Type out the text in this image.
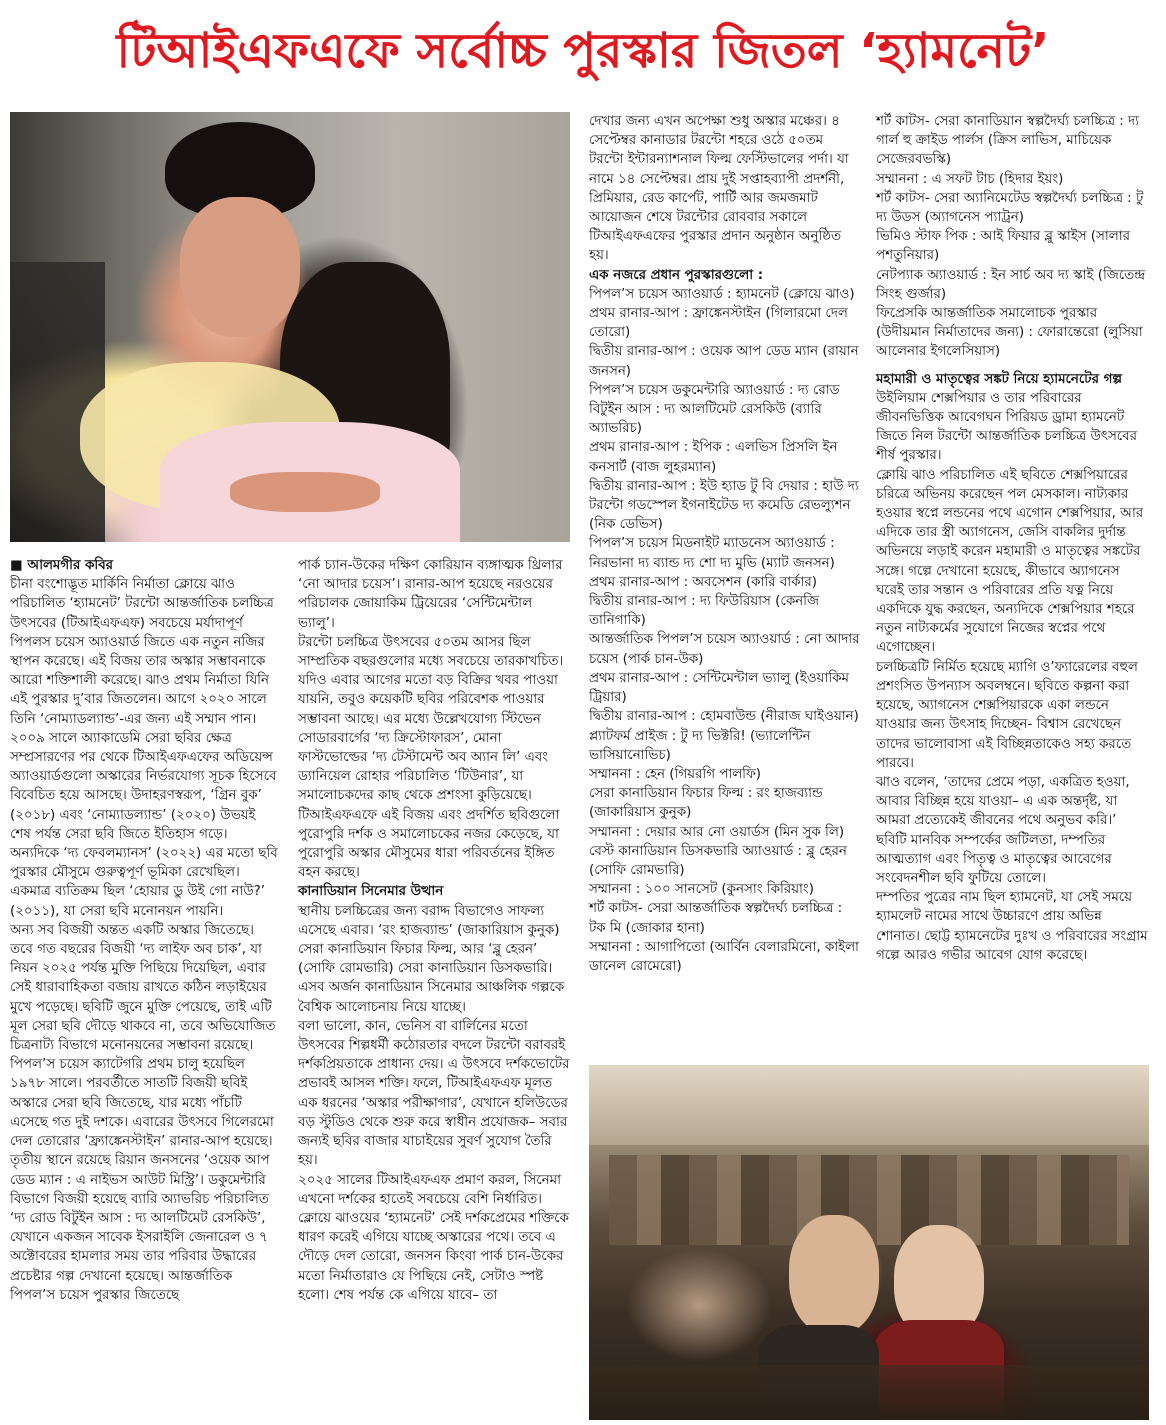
টিআইএফএফে সর্বোচ্চ পুরস্কার জিতল ‘হ্যামনেট’

■ আলমগীর কবির

চীনা বংশোদ্ভূত মার্কিনি নির্মাতা ক্লোয়ে ঝাও পরিচালিত ‘হ্যামনেট’ টরন্টো আন্তর্জাতিক চলচ্চিত্র উৎসবের (টিআইএফএফ) সবচেয়ে মর্যাদাপূর্ণ পিপলস চয়েস অ্যাওয়ার্ড জিতে এক নতুন নজির স্থাপন করেছে। এই বিজয় তার অস্কার সম্ভাবনাকে আরো শক্তিশালী করেছে। ঝাও প্রথম নির্মাতা যিনি এই পুরস্কার দু’বার জিতলেন। আগে ২০২০ সালে তিনি ‘নোম্যাডল্যান্ড’-এর জন্য এই সম্মান পান।

২০০৯ সালে অ্যাকাডেমি সেরা ছবির ক্ষেত্র সম্প্রসারণের পর থেকে টিআইএফএফের অডিয়েন্স অ্যাওয়ার্ডগুলো অস্কারের নির্ভরযোগ্য সূচক হিসেবে বিবেচিত হয়ে আসছে। উদাহরণস্বরূপ, ‘গ্রিন বুক’ (২০১৮) এবং ‘নোম্যাডল্যান্ড’ (২০২০) উভয়ই শেষ পর্যন্ত সেরা ছবি জিতে ইতিহাস গড়ে।

অন্যদিকে ‘দ্য ফেবলম্যানস’ (২০২২) এর মতো ছবি পুরস্কার মৌসুমে গুরুত্বপূর্ণ ভূমিকা রেখেছিল। একমাত্র ব্যতিক্রম ছিল ‘হোয়ার ডু উই গো নাউ?’ (২০১১), যা সেরা ছবি মনোনয়ন পায়নি।

অন্য সব বিজয়ী অন্তত একটি অস্কার জিতেছে। তবে গত বছরের বিজয়ী ‘দ্য লাইফ অব চাক’, যা নিয়ন ২০২৫ পর্যন্ত মুক্তি পিছিয়ে দিয়েছিল, এবার সেই ধারাবাহিকতা বজায় রাখতে কঠিন লড়াইয়ের মুখে পড়েছে। ছবিটি জুনে মুক্তি পেয়েছে, তাই এটি মূল সেরা ছবি দৌড়ে থাকবে না, তবে অভিযোজিত চিত্রনাট্য বিভাগে মনোনয়নের সম্ভাবনা রয়েছে।

পিপল’স চয়েস ক্যাটেগরি প্রথম চালু হয়েছিল ১৯৭৮ সালে। পরবর্তীতে সাতটি বিজয়ী ছবিই অস্কারে সেরা ছবি জিতেছে, যার মধ্যে পাঁচটি এসেছে গত দুই দশকে। এবারের উৎসবে গিলেরমো দেল তোরোর ‘ফ্র্যাঙ্কেনস্টাইন’ রানার-আপ হয়েছে। তৃতীয় স্থানে রয়েছে রিয়ান জনসনের ‘ওয়েক আপ ডেড ম্যান : এ নাইভস আউট মিস্ট্রি’। ডকুমেন্টারি বিভাগে বিজয়ী হয়েছে ব্যারি অ্যাভরিচ পরিচালিত ‘দ্য রোড বিটুইন আস : দ্য আলটিমেট রেসকিউ’, যেখানে একজন সাবেক ইসরাইলি জেনারেল ও ৭ অক্টোবরের হামলার সময় তার পরিবার উদ্ধারের প্রচেষ্টার গল্প দেখানো হয়েছে। আন্তর্জাতিক পিপল’স চয়েস পুরস্কার জিতেছে

পার্ক চ্যান-উকের দক্ষিণ কোরিয়ান ব্যঙ্গাত্মক থ্রিলার ‘নো আদার চয়েস’। রানার-আপ হয়েছে নরওয়ের পরিচালক জোয়াকিম ট্রিয়েরের ‘সেন্টিমেন্টাল ভ্যালু’।

টরন্টো চলচ্চিত্র উৎসবের ৫০তম আসর ছিল সাম্প্রতিক বছরগুলোর মধ্যে সবচেয়ে তারকাখচিত। যদিও এবার আগের মতো বড় বিক্রির খবর পাওয়া যায়নি, তবুও কয়েকটি ছবির পরিবেশক পাওয়ার সম্ভাবনা আছে। এর মধ্যে উল্লেখযোগ্য স্টিভেন সোডারবার্গের ‘দ্য ক্রিস্টোফারস’, মোনা ফাস্টভোল্ডের ‘দ্য টেস্টামেন্ট অব অ্যান লি’ এবং ড্যানিয়েল রোহার পরিচালিত ‘টিউনার’, যা সমালোচকদের কাছ থেকে প্রশংসা কুড়িয়েছে। টিআইএফএফে এই বিজয় এবং প্রদর্শিত ছবিগুলো পুরোপুরি দর্শক ও সমালোচকের নজর কেড়েছে, যা পুরোপুরি অস্কার মৌসুমের ধারা পরিবর্তনের ইঙ্গিত বহন করছে।

কানাডিয়ান সিনেমার উত্থান

স্থানীয় চলচ্চিত্রের জন্য বরাদ্দ বিভাগেও সাফল্য এসেছে এবার। ‘রং হাজব্যান্ড’ (জাকারিয়াস কুনুক) সেরা কানাডিয়ান ফিচার ফিল্ম, আর ‘ব্লু হেরন’ (সোফি রোমভারি) সেরা কানাডিয়ান ডিসকভারি। এসব অর্জন কানাডিয়ান সিনেমার আঞ্চলিক গল্পকে বৈশ্বিক আলোচনায় নিয়ে যাচ্ছে।

বলা ভালো, কান, ভেনিস বা বার্লিনের মতো উৎসবের শিল্পধর্মী কঠোরতার বদলে টরন্টো বরাবরই দর্শকপ্রিয়তাকে প্রাধান্য দেয়। এ উৎসবে দর্শকভোটের প্রভাবই আসল শক্তি। ফলে, টিআইএফএফ মূলত এক ধরনের ‘অস্কার পরীক্ষাগার’, যেখানে হলিউডের বড় স্টুডিও থেকে শুরু করে স্বাধীন প্রযোজক– সবার জন্যই ছবির বাজার যাচাইয়ের সুবর্ণ সুযোগ তৈরি হয়।

২০২৫ সালের টিআইএফএফ প্রমাণ করল, সিনেমা এখনো দর্শকের হাতেই সবচেয়ে বেশি নির্ধারিত। ক্লোয়ে ঝাওয়ের ‘হ্যামনেট’ সেই দর্শকপ্রেমের শক্তিকে ধারণ করেই এগিয়ে যাচ্ছে অস্কারের পথে। তবে এ দৌড়ে দেল তোরো, জনসন কিংবা পার্ক চান-উকের মতো নির্মাতারাও যে পিছিয়ে নেই, সেটাও স্পষ্ট হলো। শেষ পর্যন্ত কে এগিয়ে যাবে– তা

দেখার জন্য এখন অপেক্ষা শুধু অস্কার মঞ্চের। ৪ সেপ্টেম্বর কানাডার টরন্টো শহরে ওঠে ৫০তম টরন্টো ইন্টারন্যাশনাল ফিল্ম ফেস্টিভালের পর্দা। যা নামে ১৪ সেপ্টেম্বর। প্রায় দুই সপ্তাহব্যাপী প্রদর্শনী, প্রিমিয়ার, রেড কার্পেট, পার্টি আর জমজমাট আয়োজন শেষে টরন্টোর রোববার সকালে টিআইএফএফের পুরস্কার প্রদান অনুষ্ঠান অনুষ্ঠিত হয়।

এক নজরে প্রধান পুরস্কারগুলো :

পিপল’স চয়েস অ্যাওয়ার্ড : হ্যামনেট (ক্লোয়ে ঝাও)

প্রথম রানার-আপ : ফ্রাঙ্কেনস্টাইন (গিলারমো দেল তোরো)

দ্বিতীয় রানার-আপ : ওয়েক আপ ডেড ম্যান (রায়ান জনসন)

পিপল’স চয়েস ডকুমেন্টারি অ্যাওয়ার্ড : দ্য রোড বিটুইন আস : দ্য আলটিমেট রেসকিউ (ব্যারি অ্যাভরিচ)

প্রথম রানার-আপ : ইপিক : এলভিস প্রিসলি ইন কনসার্ট (বাজ লুহরম্যান)

দ্বিতীয় রানার-আপ : ইউ হ্যাড টু বি দেয়ার : হাউ দ্য টরন্টো গডস্পেল ইগনাইটেড দ্য কমেডি রেভল্যুশন (নিক ডেভিস)

পিপল’স চয়েস মিডনাইট ম্যাডনেস অ্যাওয়ার্ড : নিরভানা দ্য ব্যান্ড দ্য শো দ্য মুভি (ম্যাট জনসন)

প্রথম রানার-আপ : অবসেশন (কারি বার্কার)

দ্বিতীয় রানার-আপ : দ্য ফিউরিয়াস (কেনজি তানিগাকি)

আন্তর্জাতিক পিপল’স চয়েস অ্যাওয়ার্ড : নো আদার চয়েস (পার্ক চান-উক)

প্রথম রানার-আপ : সেন্টিমেন্টাল ভ্যালু (ইওয়াকিম ট্রিয়ার)

দ্বিতীয় রানার-আপ : হোমবাউন্ড (নীরাজ ঘাইওয়ান)

প্ল্যাটফর্ম প্রাইজ : টু দ্য ভিক্টরি! (ভ্যালেন্টিন ভাসিয়ানোভিচ)

সম্মাননা : হেন (গিয়রগি পালফি)

সেরা কানাডিয়ান ফিচার ফিল্ম : রং হাজব্যান্ড (জাকারিয়াস কুনুক)

সম্মাননা : দেয়ার আর নো ওয়ার্ডস (মিন সুক লি)

বেস্ট কানাডিয়ান ডিসকভারি অ্যাওয়ার্ড : ব্লু হেরন (সোফি রোমভারি)

সম্মাননা : ১০০ সানসেট (কুনসাং কিরিয়াং)

শর্ট কাটস- সেরা আন্তর্জাতিক স্বল্পদৈর্ঘ্য চলচ্চিত্র : টক মি (জোকার হানা)

সম্মাননা : আগাপিতো (আর্বিন বেলারমিনো, কাইলা ডানেল রোমেরো)

শর্ট কাটস- সেরা কানাডিয়ান স্বল্পদৈর্ঘ্য চলচ্চিত্র : দ্য গার্ল হু ক্রাইড পার্লস (ক্রিস লাভিস, মাচিয়েক সেজেরবভস্কি)

সম্মাননা : এ সফট টাচ (হিদার ইয়ং)

শর্ট কাটস- সেরা অ্যানিমেটেড স্বল্পদৈর্ঘ্য চলচ্চিত্র : টু দ্য উডস (অ্যাগনেস প্যাট্রন)

ভিমিও স্টাফ পিক : আই ফিয়ার ব্লু স্কাইস (সালার পশতুনিয়ার)

নেটপ্যাক অ্যাওয়ার্ড : ইন সার্চ অব দ্য স্কাই (জিতেন্দ্র সিংহ গুর্জার)

ফিপ্রেসকি আন্তর্জাতিক সমালোচক পুরস্কার (উদীয়মান নির্মাতাদের জন্য) : ফোরান্তেরো (লুসিয়া আলেনার ইগলেসিয়াস)

মহামারী ও মাতৃত্বের সঙ্কট নিয়ে হ্যামনেটের গল্প

উইলিয়াম শেক্সপিয়ার ও তার পরিবারের জীবনভিত্তিক আবেগঘন পিরিয়ড ড্রামা হ্যামনেট জিতে নিল টরন্টো আন্তর্জাতিক চলচ্চিত্র উৎসবের শীর্ষ পুরস্কার।

ক্লোয়ি ঝাও পরিচালিত এই ছবিতে শেক্সপিয়ারের চরিত্রে অভিনয় করেছেন পল মেসকাল। নাট্যকার হওয়ার স্বপ্নে লন্ডনের পথে এগোন শেক্সপিয়ার, আর এদিকে তার স্ত্রী অ্যাগনেস, জেসি বাকলির দুর্দান্ত অভিনয়ে লড়াই করেন মহামারী ও মাতৃত্বের সঙ্কটের সঙ্গে। গল্পে দেখানো হয়েছে, কীভাবে অ্যাগনেস ঘরেই তার সন্তান ও পরিবারের প্রতি যত্ন নিয়ে একদিকে যুদ্ধ করছেন, অন্যদিকে শেক্সপিয়ার শহরে নতুন নাট্যকর্মের সুযোগে নিজের স্বপ্নের পথে এগোচ্ছেন।

চলচ্চিত্রটি নির্মিত হয়েছে ম্যাগি ও’ফ্যারেলের বহুল প্রশংসিত উপন্যাস অবলম্বনে। ছবিতে কল্পনা করা হয়েছে, অ্যাগনেস শেক্সপিয়ারকে একা লন্ডনে যাওয়ার জন্য উৎসাহ দিচ্ছেন- বিশ্বাস রেখেছেন তাদের ভালোবাসা এই বিচ্ছিন্নতাকেও সহ্য করতে পারবে।

ঝাও বলেন, ‘তাদের প্রেমে পড়া, একত্রিত হওয়া, আবার বিচ্ছিন্ন হয়ে যাওয়া– এ এক অন্তর্দৃষ্ট, যা আমরা প্রত্যেকেই জীবনের পথে অনুভব করি।’ ছবিটি মানবিক সম্পর্কের জটিলতা, দম্পতির আত্মত্যাগ এবং পিতৃত্ব ও মাতৃত্বের আবেগের সংবেদনশীল ছবি ফুটিয়ে তোলে।

দম্পতির পুত্রের নাম ছিল হ্যামনেট, যা সেই সময়ে হ্যামলেট নামের সাথে উচ্চারণে প্রায় অভিন্ন শোনাত। ছোট্ট হ্যামনেটের দুঃখ ও পরিবারের সংগ্রাম গল্পে আরও গভীর আবেগ যোগ করেছে।
